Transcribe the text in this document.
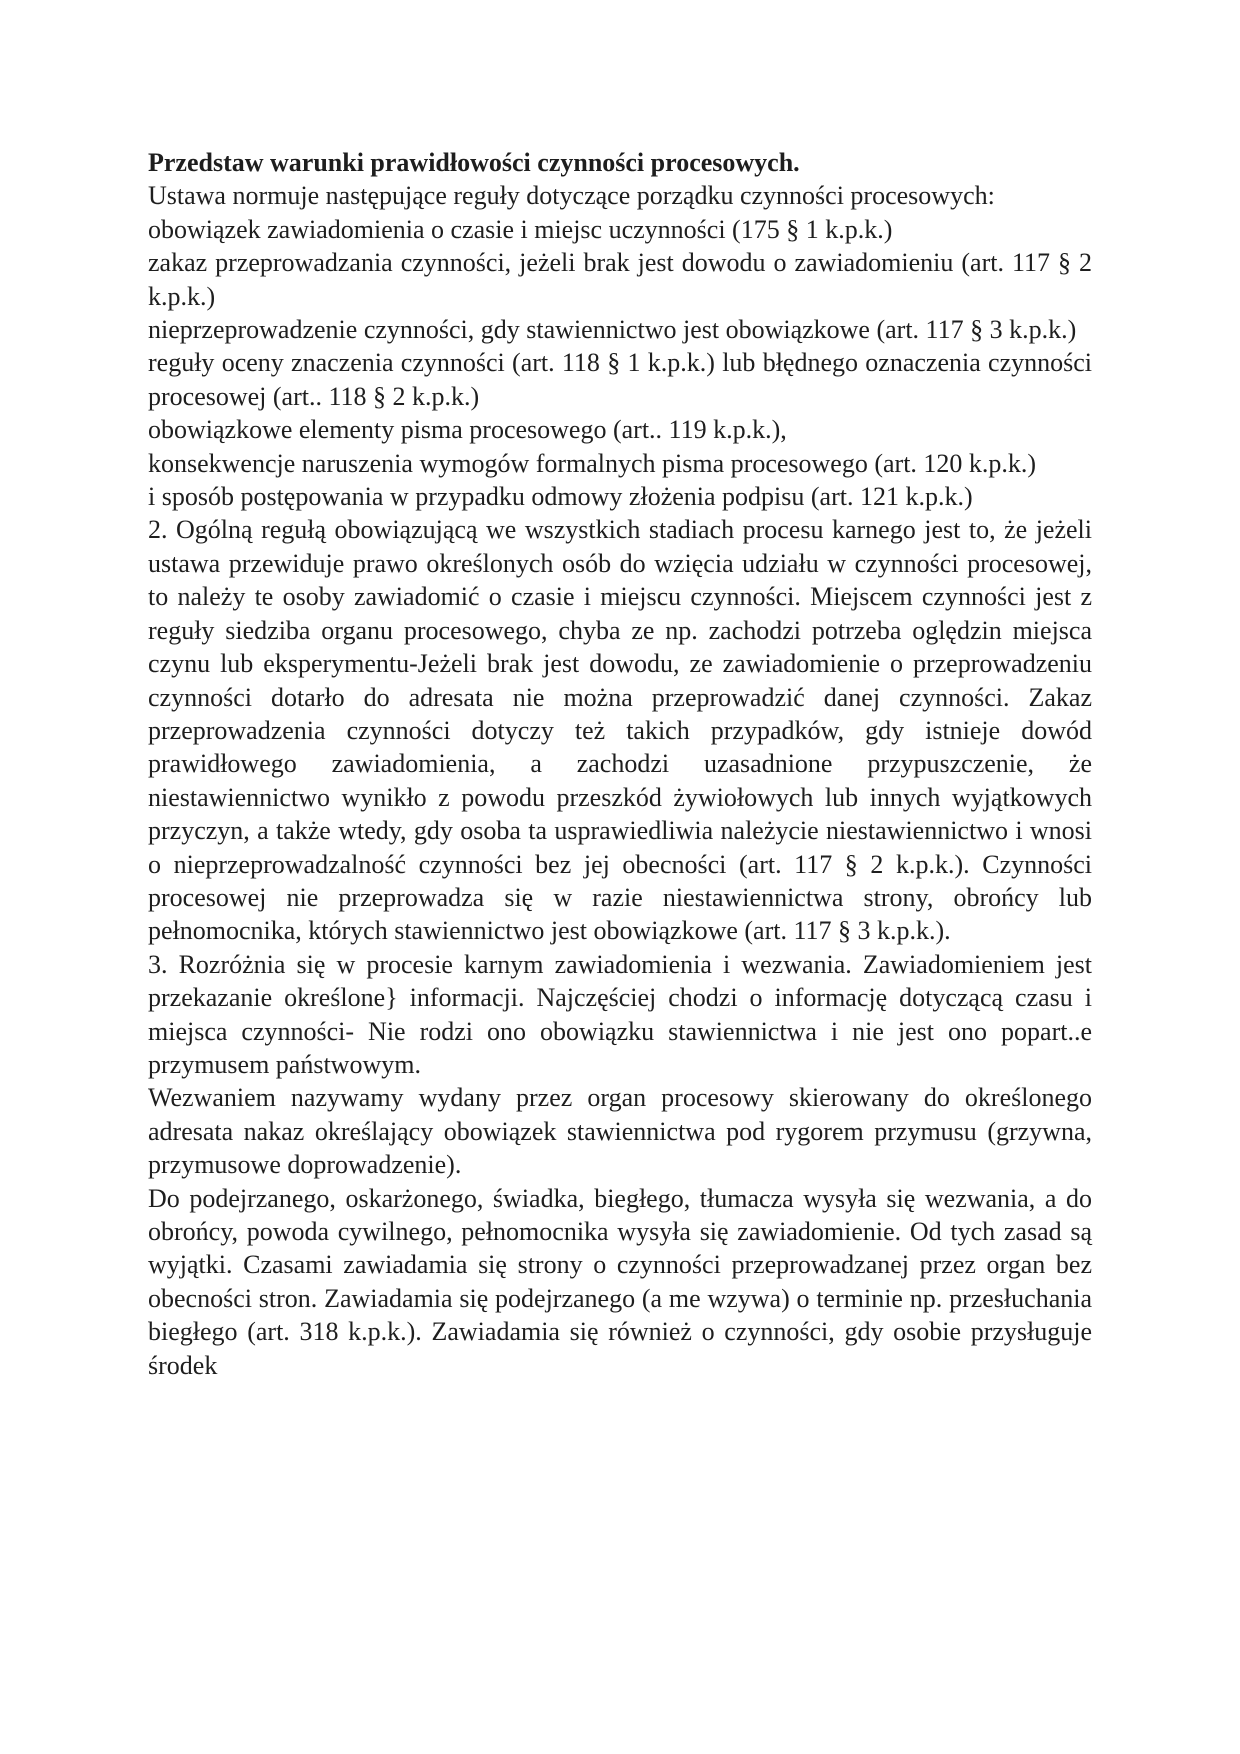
Przedstaw warunki prawidłowości czynności procesowych.

Ustawa normuje następujące reguły dotyczące porządku czynności procesowych:

obowiązek zawiadomienia o czasie i miejsc uczynności (175 § 1 k.p.k.)

zakaz przeprowadzania czynności, jeżeli brak jest dowodu o zawiadomieniu (art. 117 § 2 k.p.k.)

nieprzeprowadzenie czynności, gdy stawiennictwo jest obowiązkowe (art. 117 § 3 k.p.k.)

reguły oceny znaczenia czynności (art. 118 § 1 k.p.k.) lub błędnego oznaczenia czynności procesowej (art.. 118 § 2 k.p.k.)

obowiązkowe elementy pisma procesowego (art.. 119 k.p.k.),

konsekwencje naruszenia wymogów formalnych pisma procesowego (art. 120 k.p.k.)

i sposób postępowania w przypadku odmowy złożenia podpisu (art. 121 k.p.k.)

2. Ogólną regułą obowiązującą we wszystkich stadiach procesu karnego jest to, że jeżeli ustawa przewiduje prawo określonych osób do wzięcia udziału w czynności procesowej, to należy te osoby zawiadomić o czasie i miejscu czynności. Miejscem czynności jest z reguły siedziba organu procesowego, chyba ze np. zachodzi potrzeba oględzin miejsca czynu lub eksperymentu-Jeżeli brak jest dowodu, ze zawiadomienie o przeprowadzeniu czynności dotarło do adresata nie można przeprowadzić danej czynności. Zakaz przeprowadzenia czynności dotyczy też takich przypadków, gdy istnieje dowód prawidłowego zawiadomienia, a zachodzi uzasadnione przypuszczenie, że niestawiennictwo wynikło z powodu przeszkód żywiołowych lub innych wyjątkowych przyczyn, a także wtedy, gdy osoba ta usprawiedliwia należycie niestawiennictwo i wnosi o nieprzeprowadzalność czynności bez jej obecności (art. 117 § 2 k.p.k.). Czynności procesowej nie przeprowadza się w razie niestawiennictwa strony, obrońcy lub pełnomocnika, których stawiennictwo jest obowiązkowe (art. 117 § 3 k.p.k.).

3. Rozróżnia się w procesie karnym zawiadomienia i wezwania. Zawiadomieniem jest przekazanie określone} informacji. Najczęściej chodzi o informację dotyczącą czasu i miejsca czynności- Nie rodzi ono obowiązku stawiennictwa i nie jest ono popart..e przymusem państwowym.

Wezwaniem nazywamy wydany przez organ procesowy skierowany do określonego adresata nakaz określający obowiązek stawiennictwa pod rygorem przymusu (grzywna, przymusowe doprowadzenie).

Do podejrzanego, oskarżonego, świadka, biegłego, tłumacza wysyła się wezwania, a do obrońcy, powoda cywilnego, pełnomocnika wysyła się zawiadomienie. Od tych zasad są wyjątki. Czasami zawiadamia się strony o czynności przeprowadzanej przez organ bez obecności stron. Zawiadamia się podejrzanego (a me wzywa) o terminie np. przesłuchania biegłego (art. 318 k.p.k.). Zawiadamia się również o czynności, gdy osobie przysługuje środek
